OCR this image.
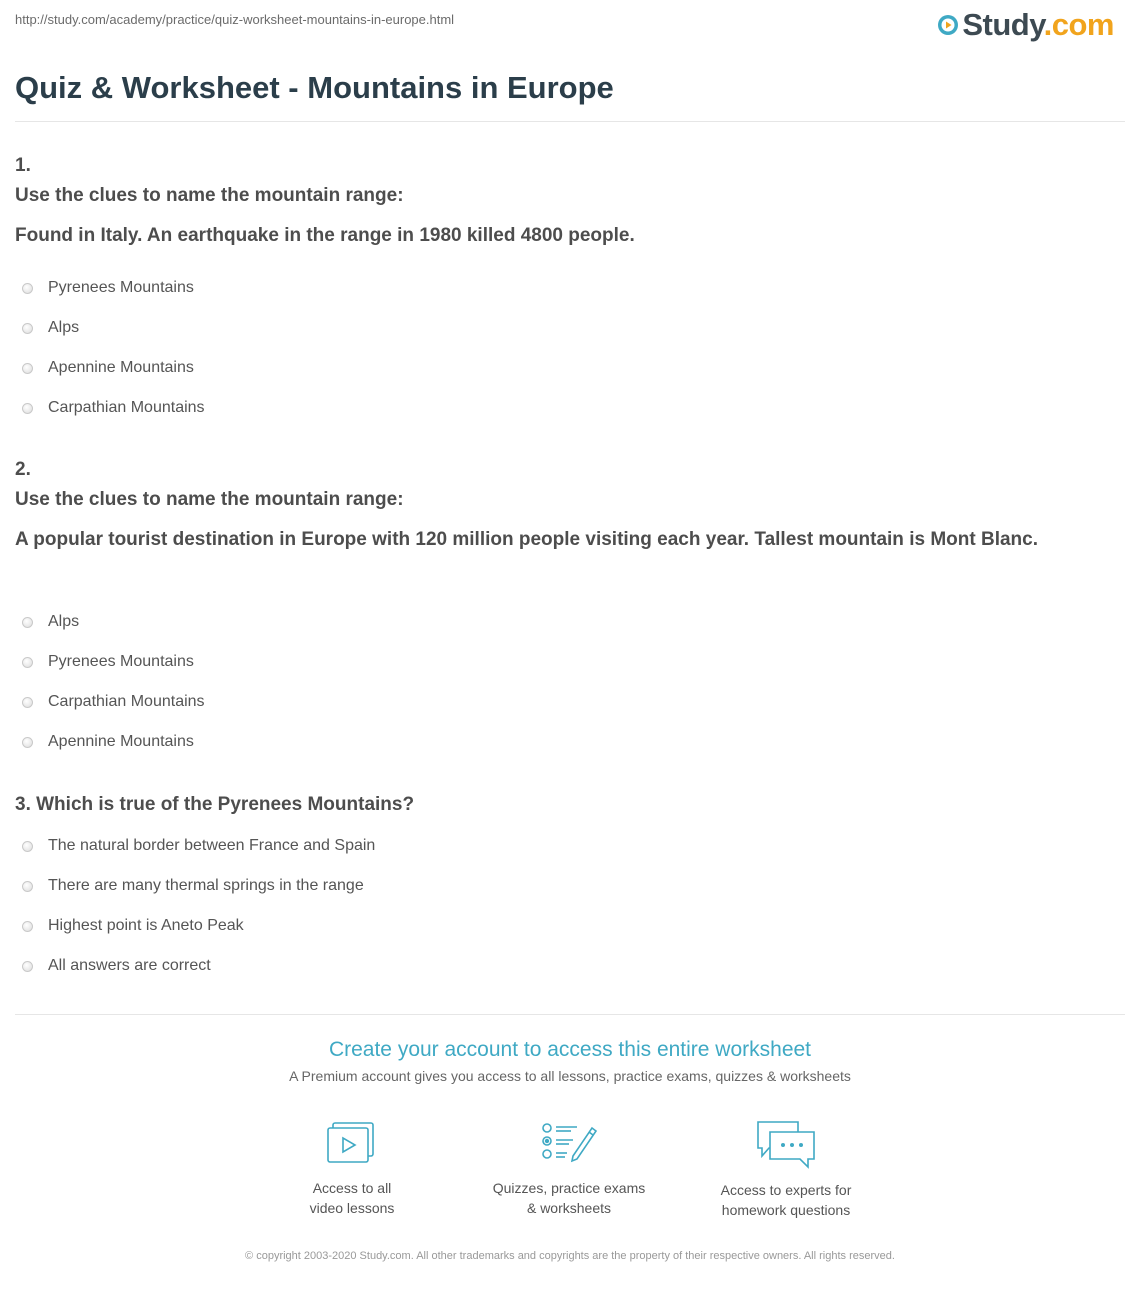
http://study.com/academy/practice/quiz-worksheet-mountains-in-europe.html	Study.com
Quiz & Worksheet - Mountains in Europe
1.
Use the clues to name the mountain range:
Found in Italy. An earthquake in the range in 1980 killed 4800 people.
Pyrenees Mountains
Alps
Apennine Mountains
Carpathian Mountains
2.
Use the clues to name the mountain range:
A popular tourist destination in Europe with 120 million people visiting each year. Tallest mountain is Mont Blanc.
Alps
Pyrenees Mountains
Carpathian Mountains
Apennine Mountains
3. Which is true of the Pyrenees Mountains?
The natural border between France and Spain
There are many thermal springs in the range
Highest point is Aneto Peak
All answers are correct
Create your account to access this entire worksheet
A Premium account gives you access to all lessons, practice exams, quizzes & worksheets
Access to all
video lessons
Quizzes, practice exams
& worksheets
Access to experts for
homework questions
© copyright 2003-2020 Study.com. All other trademarks and copyrights are the property of their respective owners. All rights reserved.
